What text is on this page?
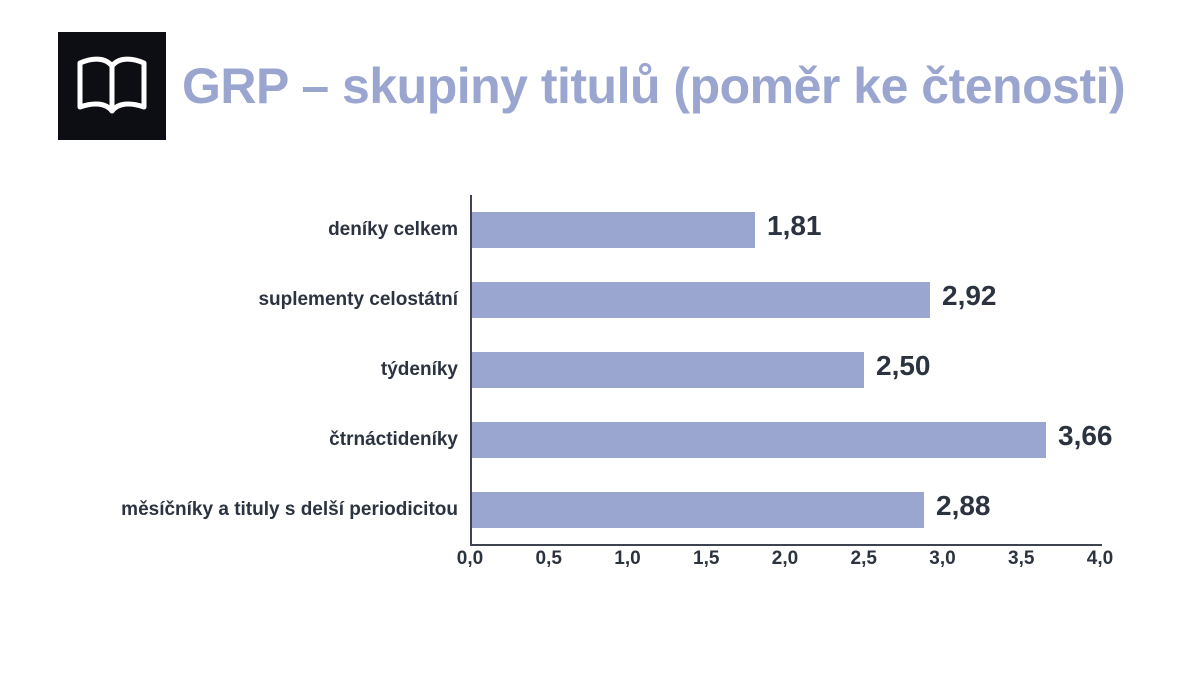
GRP – skupiny titulů (poměr ke čtenosti)
deníky celkem	1,81
suplementy celostátní	2,92
týdeníky	2,50
čtrnáctideníky	3,66
měsíčníky a tituly s delší periodicitou	2,88
0,0	0,5	1,0	1,5	2,0	2,5	3,0	3,5	4,0
